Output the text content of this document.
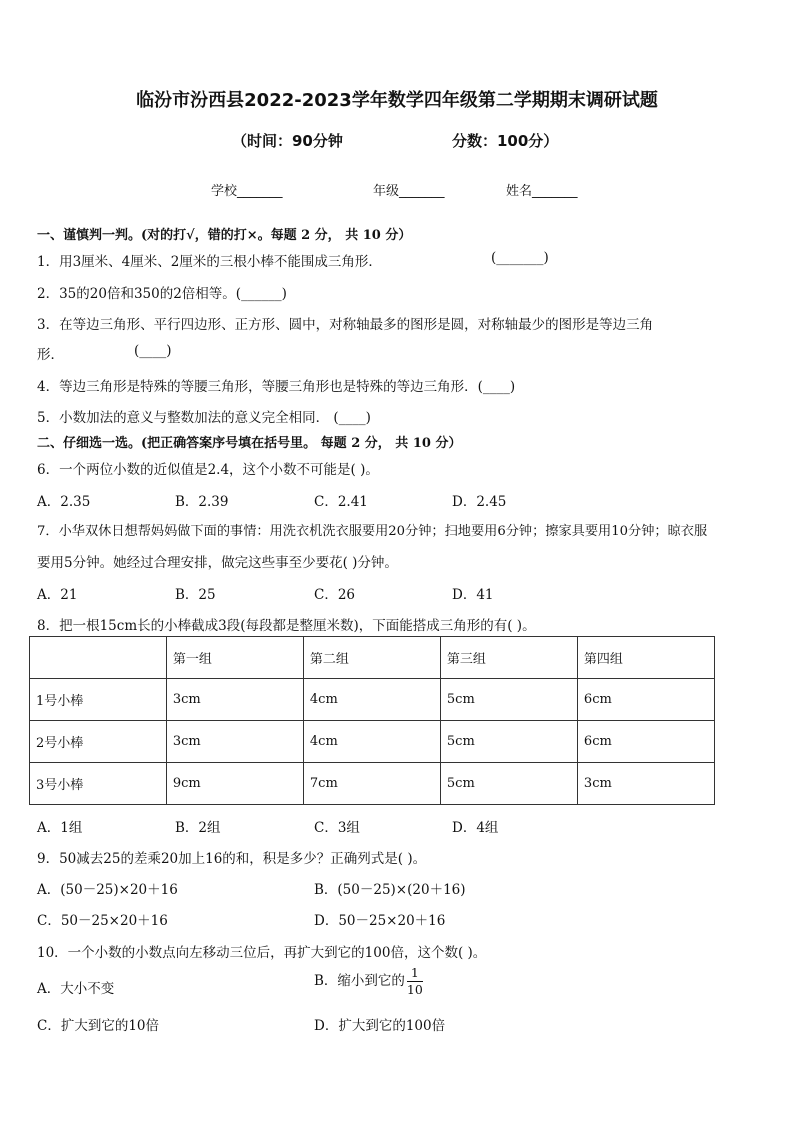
临汾市汾西县2022-2023学年数学四年级第二学期期末调研试题
（时间：90分钟	分数：100分）
学校_______	年级_______	姓名_______
一、谨慎判一判。(对的打√，错的打×。每题 2 分， 共 10 分）
1．用3厘米、4厘米、2厘米的三根小棒不能围成三角形．	(_______)
2．35的20倍和350的2倍相等。(______)
3．在等边三角形、平行四边形、正方形、圆中，对称轴最多的图形是圆，对称轴最少的图形是等边三角
形．	(____)
4．等边三角形是特殊的等腰三角形，等腰三角形也是特殊的等边三角形．(____)
5．小数加法的意义与整数加法的意义完全相同． (____)
二、仔细选一选。(把正确答案序号填在括号里。 每题 2 分， 共 10 分）
6．一个两位小数的近似值是2.4，这个小数不可能是( )。
A．2.35	B．2.39	C．2.41	D．2.45
7．小华双休日想帮妈妈做下面的事情：用洗衣机洗衣服要用20分钟；扫地要用6分钟；擦家具要用10分钟；晾衣服
要用5分钟。她经过合理安排，做完这些事至少要花( )分钟。
A．21	B．25	C．26	D．41
8．把一根15cm长的小棒截成3段(每段都是整厘米数)，下面能搭成三角形的有( )。
	第一组	第二组	第三组	第四组
1号小棒	3cm	4cm	5cm	6cm
2号小棒	3cm	4cm	5cm	6cm
3号小棒	9cm	7cm	5cm	3cm
A．1组	B．2组	C．3组	D．4组
9．50减去25的差乘20加上16的和，积是多少？正确列式是( )。
A．(50－25)×20＋16	B．(50－25)×(20＋16)
C．50－25×20＋16	D．50－25×20＋16
10．一个小数的小数点向左移动三位后，再扩大到它的100倍，这个数( )。
A．大小不变	B．缩小到它的 $\frac{1}{10}$
C．扩大到它的10倍	D．扩大到它的100倍
